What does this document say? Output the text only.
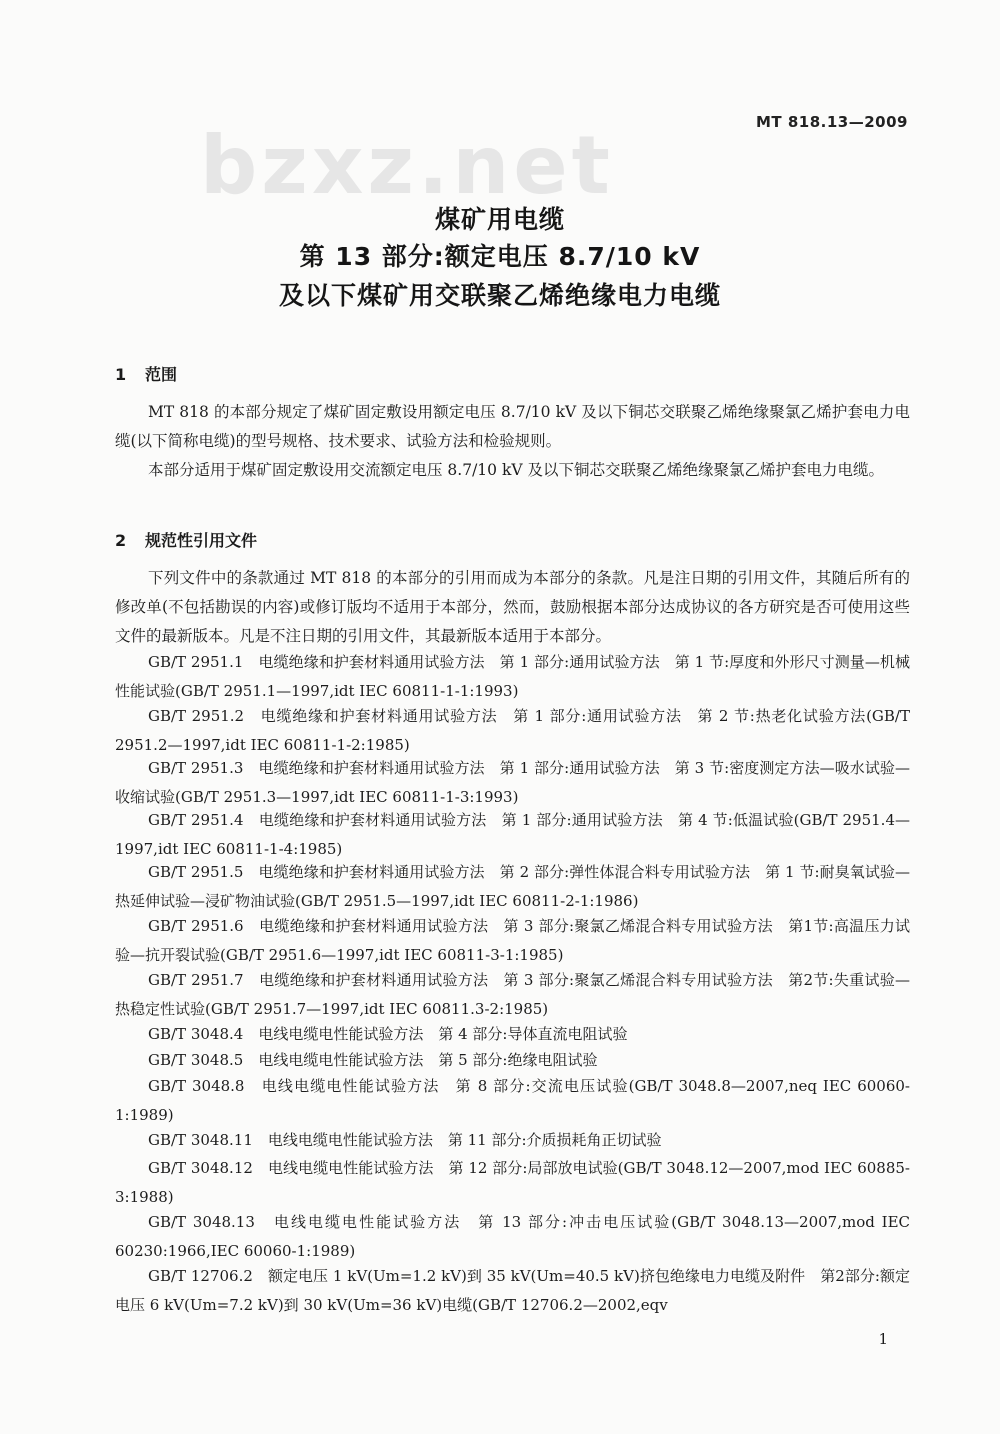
MT 818.13—2009
bzxz.net
煤矿用电缆
第 13 部分:额定电压 8.7/10 kV
及以下煤矿用交联聚乙烯绝缘电力电缆
1 范围
MT 818 的本部分规定了煤矿固定敷设用额定电压 8.7/10 kV 及以下铜芯交联聚乙烯绝缘聚氯乙烯护套电力电缆(以下简称电缆)的型号规格、技术要求、试验方法和检验规则。
本部分适用于煤矿固定敷设用交流额定电压 8.7/10 kV 及以下铜芯交联聚乙烯绝缘聚氯乙烯护套电力电缆。
2 规范性引用文件
下列文件中的条款通过 MT 818 的本部分的引用而成为本部分的条款。凡是注日期的引用文件，其随后所有的修改单(不包括勘误的内容)或修订版均不适用于本部分，然而，鼓励根据本部分达成协议的各方研究是否可使用这些文件的最新版本。凡是不注日期的引用文件，其最新版本适用于本部分。
GB/T 2951.1　电缆绝缘和护套材料通用试验方法　第 1 部分:通用试验方法　第 1 节:厚度和外形尺寸测量—机械性能试验(GB/T 2951.1—1997,idt IEC 60811-1-1:1993)
GB/T 2951.2　电缆绝缘和护套材料通用试验方法　第 1 部分:通用试验方法　第 2 节:热老化试验方法(GB/T 2951.2—1997,idt IEC 60811-1-2:1985)
GB/T 2951.3　电缆绝缘和护套材料通用试验方法　第 1 部分:通用试验方法　第 3 节:密度测定方法—吸水试验—收缩试验(GB/T 2951.3—1997,idt IEC 60811-1-3:1993)
GB/T 2951.4　电缆绝缘和护套材料通用试验方法　第 1 部分:通用试验方法　第 4 节:低温试验(GB/T 2951.4—1997,idt IEC 60811-1-4:1985)
GB/T 2951.5　电缆绝缘和护套材料通用试验方法　第 2 部分:弹性体混合料专用试验方法　第 1 节:耐臭氧试验—热延伸试验—浸矿物油试验(GB/T 2951.5—1997,idt IEC 60811-2-1:1986)
GB/T 2951.6　电缆绝缘和护套材料通用试验方法　第 3 部分:聚氯乙烯混合料专用试验方法　第1节:高温压力试验—抗开裂试验(GB/T 2951.6—1997,idt IEC 60811-3-1:1985)
GB/T 2951.7　电缆绝缘和护套材料通用试验方法　第 3 部分:聚氯乙烯混合料专用试验方法　第2节:失重试验—热稳定性试验(GB/T 2951.7—1997,idt IEC 60811.3-2:1985)
GB/T 3048.4　电线电缆电性能试验方法　第 4 部分:导体直流电阻试验
GB/T 3048.5　电线电缆电性能试验方法　第 5 部分:绝缘电阻试验
GB/T 3048.8　电线电缆电性能试验方法　第 8 部分:交流电压试验(GB/T 3048.8—2007,neq IEC 60060-1:1989)
GB/T 3048.11　电线电缆电性能试验方法　第 11 部分:介质损耗角正切试验
GB/T 3048.12　电线电缆电性能试验方法　第 12 部分:局部放电试验(GB/T 3048.12—2007,mod IEC 60885-3:1988)
GB/T 3048.13　电线电缆电性能试验方法　第 13 部分:冲击电压试验(GB/T 3048.13—2007,mod IEC 60230:1966,IEC 60060-1:1989)
GB/T 12706.2　额定电压 1 kV(Um=1.2 kV)到 35 kV(Um=40.5 kV)挤包绝缘电力电缆及附件　第2部分:额定电压 6 kV(Um=7.2 kV)到 30 kV(Um=36 kV)电缆(GB/T 12706.2—2002,eqv
1
